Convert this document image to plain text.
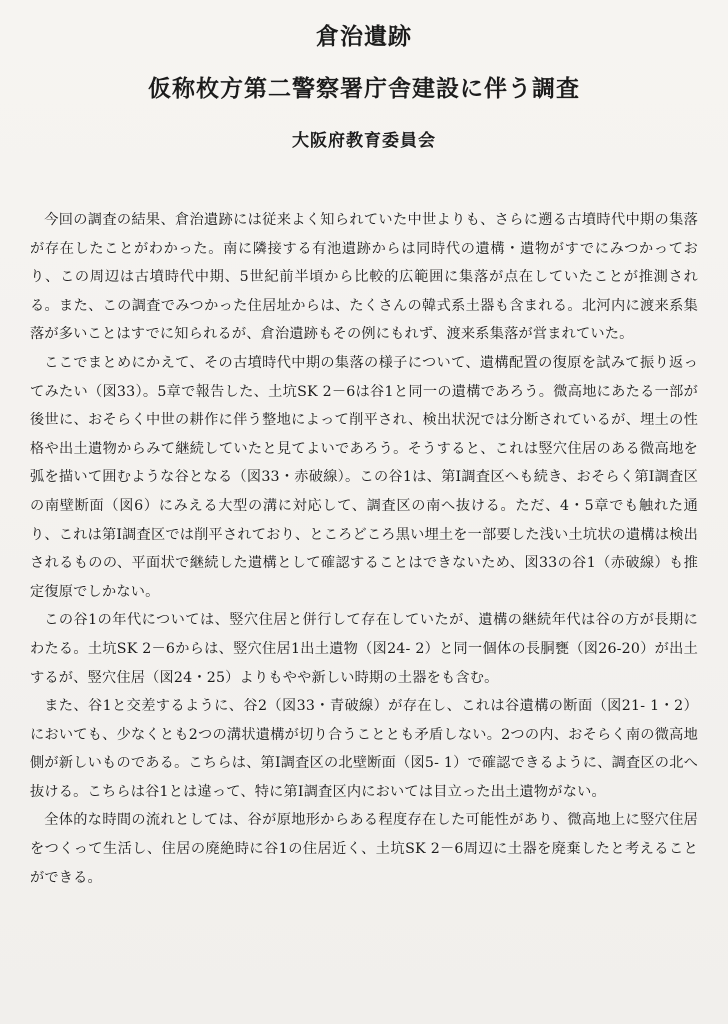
倉治遺跡
仮称枚方第二警察署庁舎建設に伴う調査
大阪府教育委員会

今回の調査の結果、倉治遺跡には従来よく知られていた中世よりも、さらに遡る古墳時代中期の集落が存在したことがわかった。南に隣接する有池遺跡からは同時代の遺構・遺物がすでにみつかっており、この周辺は古墳時代中期、5世紀前半頃から比較的広範囲に集落が点在していたことが推測される。また、この調査でみつかった住居址からは、たくさんの韓式系土器も含まれる。北河内に渡来系集落が多いことはすでに知られるが、倉治遺跡もその例にもれず、渡来系集落が営まれていた。

ここでまとめにかえて、その古墳時代中期の集落の様子について、遺構配置の復原を試みて振り返ってみたい（図33）。5章で報告した、土坑SK 2－6は谷1と同一の遺構であろう。微高地にあたる一部が後世に、おそらく中世の耕作に伴う整地によって削平され、検出状況では分断されているが、埋土の性格や出土遺物からみて継続していたと見てよいであろう。そうすると、これは竪穴住居のある微高地を弧を描いて囲むような谷となる（図33・赤破線）。この谷1は、第Ⅰ調査区へも続き、おそらく第Ⅰ調査区の南壁断面（図6）にみえる大型の溝に対応して、調査区の南へ抜ける。ただ、4・5章でも触れた通り、これは第Ⅰ調査区では削平されており、ところどころ黒い埋土を一部要した浅い土坑状の遺構は検出されるものの、平面状で継続した遺構として確認することはできないため、図33の谷1（赤破線）も推定復原でしかない。

この谷1の年代については、竪穴住居と併行して存在していたが、遺構の継続年代は谷の方が長期にわたる。土坑SK 2－6からは、竪穴住居1出土遺物（図24- 2）と同一個体の長胴甕（図26-20）が出土するが、竪穴住居（図24・25）よりもやや新しい時期の土器をも含む。

また、谷1と交差するように、谷2（図33・青破線）が存在し、これは谷遺構の断面（図21- 1・2）においても、少なくとも2つの溝状遺構が切り合うこととも矛盾しない。2つの内、おそらく南の微高地側が新しいものである。こちらは、第Ⅰ調査区の北壁断面（図5- 1）で確認できるように、調査区の北へ抜ける。こちらは谷1とは違って、特に第Ⅰ調査区内においては目立った出土遺物がない。

全体的な時間の流れとしては、谷が原地形からある程度存在した可能性があり、微高地上に竪穴住居をつくって生活し、住居の廃絶時に谷1の住居近く、土坑SK 2－6周辺に土器を廃棄したと考えることができる。
